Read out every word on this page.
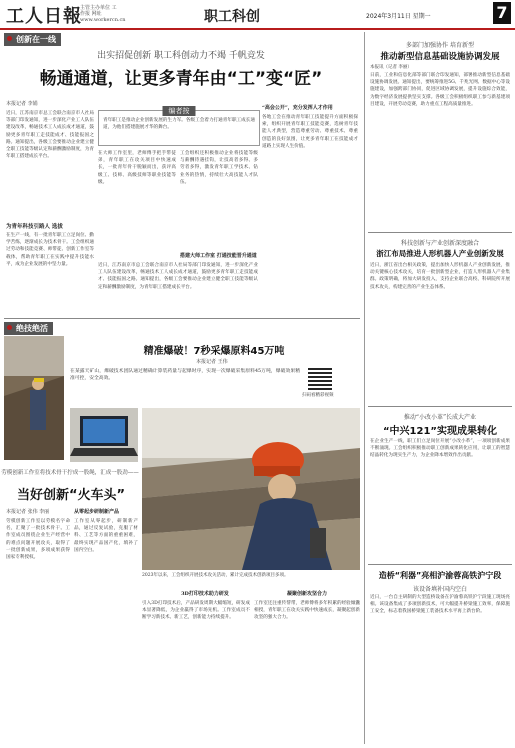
工人日報
主管主办单位 工作报 网址 www.workercn.cn	职工科创	2024年3月11日 星期一	7
创新在一线
出实招促创新 职工科创动力不竭 千帆竞发
畅通通道，让更多青年由“工”变“匠”
本报记者 李娟
近日，江苏南京市总工会联合南京市人社局等部门印发通知，进一步深化产业工人队伍建设改革，畅通技术工人成长成才通道，鼓励更多青年职工走技能成才、技能报国之路。通知提出，各级工会要推动企业建立健全职工技能等级认定和薪酬激励制度，为青年职工搭建成长平台。
为青年科技引路人 选拔
在生产一线，有一批青年职工立足岗位、勤学苦练，逐渐成长为技术骨干。工会组织通过劳动和技能竞赛、师带徒、创新工作室等载体，帮助青年职工在实践中提升技能水平，成为企业发展的中坚力量。
编者按
青年职工是推动企业创新发展的生力军。各级工会着力打通青年职工成长通道，为他们搭建施展才华的舞台。
“高会公开”，充分发挥人才作用
各地工会在推动青年职工技能提升方面积极探索，组织开展青年职工技能竞赛，选树青年技能人才典型，营造尊重劳动、尊重技术、尊重创造的良好氛围，让更多青年职工在技能成才道路上实现人生价值。
在大师工作室里，老师傅手把手带徒弟，青年职工在攻关项目中快速成长，一批青年骨干脱颖而出，获评高级工、技师、高级技师等职业技能等级。
搭建大师工作室 打通技能晋升通道
工会组织还积极推动企业将技能等级与薪酬待遇挂钩，让技高者多得、多劳者多得，激发青年职工学技术、钻业务的热情，持续壮大高技能人才队伍。
近日，江苏南京市总工会联合南京市人社局等部门印发通知，进一步深化产业工人队伍建设改革，畅通技术工人成长成才通道，鼓励更多青年职工走技能成才、技能报国之路。通知提出，各级工会要推动企业建立健全职工技能等级认定和薪酬激励制度，为青年职工搭建成长平台。
绝技绝活
精准爆破！7秒采爆原料45万吨
本报记者 王伟
在某露天矿山，爆破技术团队通过精确计算装药量与起爆时序，实现一次爆破采集原料45万吨，爆破效果精准可控，安全高效。
扫码看精彩视频
2023年以来，工会组织开展技术攻关活动，累计完成技术创新项目多项。
劳模创新工作室将技术骨干拧成一股绳，汇成一股劲——
当好创新“火车头”
本报记者 张伟 李丽
劳模创新工作室以劳模名字命名，汇聚了一批技术骨干。工作室成员围绕企业生产经营中的难点问题开展攻关，取得了一批创新成果，多项成果获得国家专利授权。
从零起步研制新产品
工作室从零起步，研制新产品，通过反复试验，克服了材料、工艺等方面的重重困难，最终实现产品国产化，填补了国内空白。
3D打印技术助力研发
引入3D打印技术后，产品研发周期大幅缩短，研发成本显著降低，为企业赢得了市场先机。工作室成员不断学习新技术、新工艺，创新能力持续提升。
凝聚创新攻坚合力
工作室还注重传帮带，老师傅将多年积累的经验倾囊相授，青年职工在攻关实践中快速成长，凝聚起创新攻坚的强大合力。
多部门加强协作 培育新型
推动新型信息基础设施协调发展
本报讯（记者 李丽）
日前，工业和信息化部等部门联合印发通知，部署推动新型信息基础设施协调发展。通知提出，要统筹推进5G、千兆光网、数据中心等设施建设，加强跨部门协同，促进区域协调发展，提升设施综合效能，为数字经济发展提供坚实支撑。各级工会积极组织职工参与新基建项目建设，开展劳动竞赛，助力重点工程高质量推进。
科技创新与产业创新深度融合
浙江布局推进人形机器人产业创新发展
近日，浙江省出台相关政策，提出加快人形机器人产业创新发展，推动关键核心技术攻关，培育一批创新型企业，打造人形机器人产业集群。政策明确，将加大研发投入，支持企业联合高校、科研院所开展技术攻关，构建完善的产业生态体系。
推动“小改小革”长成大产业
“中兴121”实现成果转化
在企业生产一线，职工们立足岗位开展“小改小革”，一项项创新成果不断涌现。工会组织积极推动职工创新成果转化应用，让职工的智慧结晶转化为现实生产力，为企业降本增效作出贡献。
造桥“利器”亮相沪渝蓉高铁沪宁段
该设备填补国内空白
近日，一台自主研制的大型造桥设备在沪渝蓉高铁沪宁段施工现场亮相。该设备集成了多项创新技术，可大幅提升桥梁施工效率，保障施工安全，标志着我国桥梁施工装备技术水平再上新台阶。
